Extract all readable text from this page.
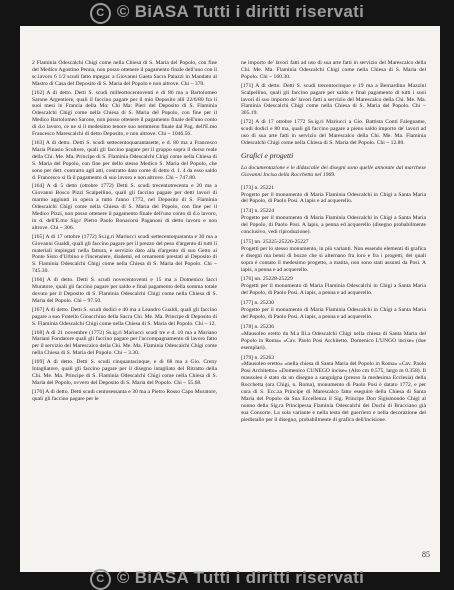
C © BiASA Tutti i diritti riservati

2 Flaminia Odescalchi Chigi come nella Chiesa di S. Maria del Popolo, con fine del Medico Agostino Penna, non posso ottenere il pagamento finale dell'uno con il sc.lavoro 6 1/2 scudi fatto mpegar. a Giovanni Gaeta Sacra Palazzi in Mandato al Mastro di Casa del Deposito di S. Maria del Popolo e non altrove. Chi ~ 370.

[162] A dì detto. Detti S. scudi milleottocentoventi e di 86 ma a Bartolomeo Sarone Argentiere, quali il faccino pagare per il mio Deposito alli 22/6/80 fra li suoi mesi in Francia della Mo: Chi Ma: Pieri del Deposito di S. Flaminia Odescalchi Chigi come nella Chiesa di S. Maria del Popolo, con fine per il Medico Bartolomeo Sarone, non posso ottenere il pagamento finale dell'uno conto di d.o lavoro, ce ne si il medesimo tenore suo nemmeno finale dal Pag. dell'E.mo Francesco Marescalchi di detto Deposito, e non altrove. Chi ~ 1046.56.

[163] A dì detto. Detti S. scudi settecentoquarantasette, e d. 80 ma a Francesco Maria Pinasio Scultore, quali gli faccino pagare per il gruppo sopra il dorso reale della Chi. Me. Ma. Principe di S. Flaminia Odescalchi Chigi come nella Chiesa di S. Maria del Popolo, con fine per dello stesso Medico S. Maria del Popolo, che sono per dett. contrarto agli atti, contratto dato come di detto d. 1. 4 da esso saldo d. Francesco si fà il pagamento di suo lavoro e non altrove. Chi ~ 747.80.

[164] A dì 5 detto (ottobre 1772) Detti S. scudi trecentotrecenta e 20 ma a Giovanni Bosco Pizzi Scalpellino, quali gli faccino pagare per detti lavori di marmo aggiunti in opera a tutto l'anno 1772, nel Deposito di S. Flaminia Odescalchi Chigi come nella Chiesa di S. Maria del Popolo, con fine per il Medico Pizzi, non posso ottenere il pagamento finale dell'uno conto di d.o lavoro, in d. dell'E.mo Sig.r Pietro Paolo Bonacorsi Paganoni di detto lavoro e non altrove. Chi ~ 306.

[165] A dì 17 ottobre (1772) Ss.ig.ri Mariucci scudi settecentoquaranta e 30 ma a Giovanni Gualdi, quali gli faccino pagare per il prezzo del peso d'argento di tutti li materiali impiegati nella fattura, e servizio dato alla d'argento di suo Getto ai Ponte Sisto d'Urbino e l'incensiere, diademi, ed ornamenti prestati al Deposito di S. Flaminia Odescalchi Chigi come nella Chiesa di S. Maria del Popolo. Chi ~ 745.30.

[166] A dì detto. Detti S. scudi novecentoventi e 15 ma a Domenico Iacci Muratore, quali gli faccino pagare per saldo e final pagamento della somma totale dovuto per il Deposito di S. Flaminia Odescalchi Chigi come nella Chiesa di S. Maria del Popolo. Chi ~ 97.50.

[167] A dì detto. Detti S. scudi dodici e 40 ma a Leandro Gualdi, quali gli faccino pagare a suo Fratello Gioacchino della Sacra Chi. Me. Ma. Principe di Deposito di S. Flaminia Odescalchi Chigi come nella Chiesa di S. Maria del Popolo. Chi ~ 12.

[168] A dì 21 novembre (1772) Ss.ig.ri Mariucci scudi tre e d. 10 ma a Mariano Mariani Fondatore quali gli faccino pagare per l'accompagnamento di lavoro fatto per il servizio del Marescalco della Chi. Me. Ma. Flaminia Odescalchi Chigi come nella Chiesa di S. Maria del Popolo. Chi ~ 3.30.

[169] A dì detto. Detti S. scudi cinquantacinque, e di 68 ma a Gio. Creny Intagliatore, quali gli faccino pagare per il disegno intagliato del Ritratto della Chi. Me. Ma. Principe di S. Flaminia Odescalchi Chigi come nella Chiesa di S. Maria del Popolo, ovvero del Deposito di S. Maria del Popolo. Chi ~ 55.68.

[170] A dì detto. Detti scudi centosessanta e 30 ma a Pietro Rosso Capo Muratore, quali gli faccino pagare per le

ne importo de' lavori fatti ad uso di sua arte fatti in servizio del Marescalco della Chi. Me. Ma. Flaminia Odescalchi Chigi come nella Chiesa di S. Maria del Popolo. Chi ~ 160.30.

[171] A dì detto. Detti S. scudi trecentocinque e 19 ma a Bernardino Mazzini Scalpellino, quali gli faccino pagare per saldo e final pagamento di tutti i suoi lavori di suo importo de' lavori fatti a servizio del Marescalco della Chi. Me. Ma. Flaminia Odescalchi Chigi come nella Chiesa di S. Maria del Popolo. Chi ~ 305.19.

[172] A dì 17 ottobre 1772 Ss.ig.ri Mariucci a Gio. Battista Conti Falegname, scudi dodici e 80 ma, quali gli faccino pagare a pieno saldo importo de' lavori ad uso di sua arte fatti in servizio del Marescalco della Chi. Me. Ma. Flaminia Odescalchi Chigi come nella Chiesa di S. Maria del Popolo. Chi ~ 12.80.

Grafici e progetti

La documentazione e le didascalie dei disegni sono quelle annotate dal marchese Giovanni Incisa della Rocchetta nel 1969.

[173] n. 25221

Progetto per il monumento di Maria Flaminia Odescalchi in Chigi a Santa Maria del Popolo, di Paolo Posi. A lapis e ad acquerello.

[174] n. 25224

Progetto per il monumento di Maria Flaminia Odescalchi in Chigi a Santa Maria del Popolo, di Paolo Posi. A lapis, a penna ed acquerello (disegno probabilmente conclusivo, vedi riproduzione).

[175] nn. 25225-25226-25227

Progetti per lo stesso monumento, in più varianti. Non essendo elementi di grafica e disegni ma bensì di bozze che si alternano fra loro e fra i progetti, dei quali sopra è contato il medesimo progetto, a matita, non sono stati assunti da Posi. A lapis, a penna e ad acquerello.

[176] nn. 25228-25229

Progetti per il monumento di Maria Flaminia Odescalchi in Chigi a Santa Maria del Popolo, di Paolo Posi. A lapis, a penna e ad acquerello.

[177] n. 25230

Progetto per il monumento di Maria Flaminia Odescalchi in Chigi a Santa Maria del Popolo, di Paolo Posi. A lapis, a penna e ad acquerello.

[178] n. 25236

«Mausoleo eretto da M.a Ill.a Odescalchi Chigi nella chiesa di Santa Maria del Popolo in Roma» «Cav. Paolo Posi Architetto. Domenico L'UNGO incise» (due esemplari).

[179] n. 25263

«Mausoleo eretto» «nella chiesa di Santa Maria del Popolo in Roma» «Cav. Paolo Posi Architetto» «Domenico CUNEGO incise» (Alto cm 0.575, largo m 0.358). Il mausoleo è stato da un disegno a sanguigna (presso la medesima Ecclesia) della Rocchetta (ora Chigi, n. Roma), monumento di Paolo Posi è datato 1772, e per cura di S. Ecc.za Principe di Marescalco fatto eseguire della Chiesa di Santa Maria del Popolo da Sua Eccellenza il Sig. Principe Don Sigismondo Chigi al nonno della Sig.ra Principessa Flaminia Odescalchi dei Duchi di Bracciano già sua Consorte. La sola variante e nella testa del guerriero e nella decorazione del piedistallo per il disegno, probabilmente di grafica dell'incisione.

85
C © BiASA Tutti i diritti riservati
